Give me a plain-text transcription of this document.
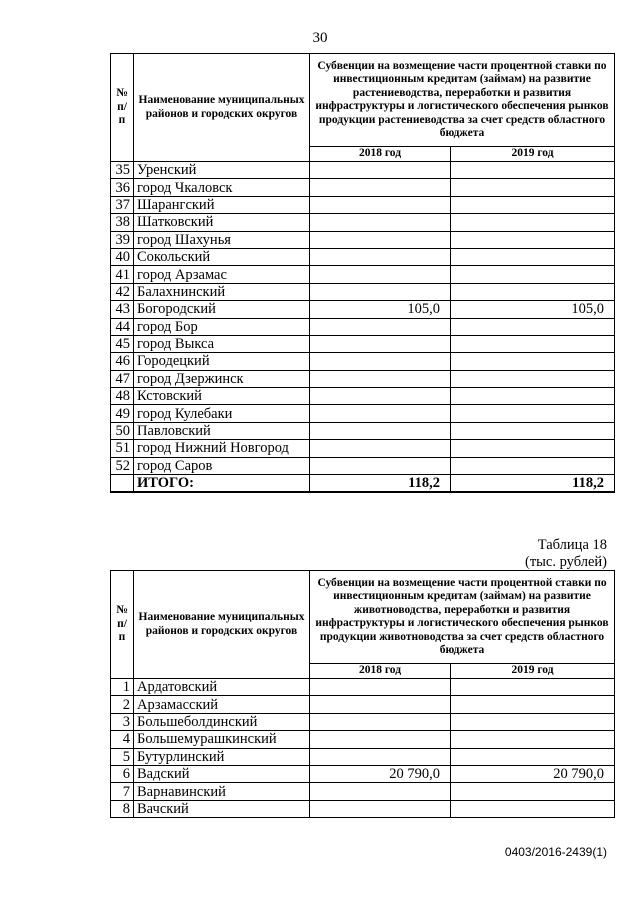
30
№ п/п	Наименование муниципальных районов и городских округов	Субвенции на возмещение части процентной ставки по инвестиционным кредитам (займам) на развитие растениеводства, переработки и развития инфраструктуры и логистического обеспечения рынков продукции растениеводства за счет средств областного бюджета	
		2018 год	2019 год
35	Уренский		
36	город Чкаловск		
37	Шарангский		
38	Шатковский		
39	город Шахунья		
40	Сокольский		
41	город Арзамас		
42	Балахнинский		
43	Богородский	105,0	105,0
44	город Бор		
45	город Выкса		
46	Городецкий		
47	город Дзержинск		
48	Кстовский		
49	город Кулебаки		
50	Павловский		
51	город Нижний Новгород		
52	город Саров		
	ИТОГО:	118,2	118,2
Таблица 18
(тыс. рублей)
№ п/п	Наименование муниципальных районов и городских округов	Субвенции на возмещение части процентной ставки по инвестиционным кредитам (займам) на развитие животноводства, переработки и развития инфраструктуры и логистического обеспечения рынков продукции животноводства за счет средств областного бюджета	
		2018 год	2019 год
1	Ардатовский		
2	Арзамасский		
3	Большеболдинский		
4	Большемурашкинский		
5	Бутурлинский		
6	Вадский	20 790,0	20 790,0
7	Варнавинский		
8	Вачский		
0403/2016-2439(1)
